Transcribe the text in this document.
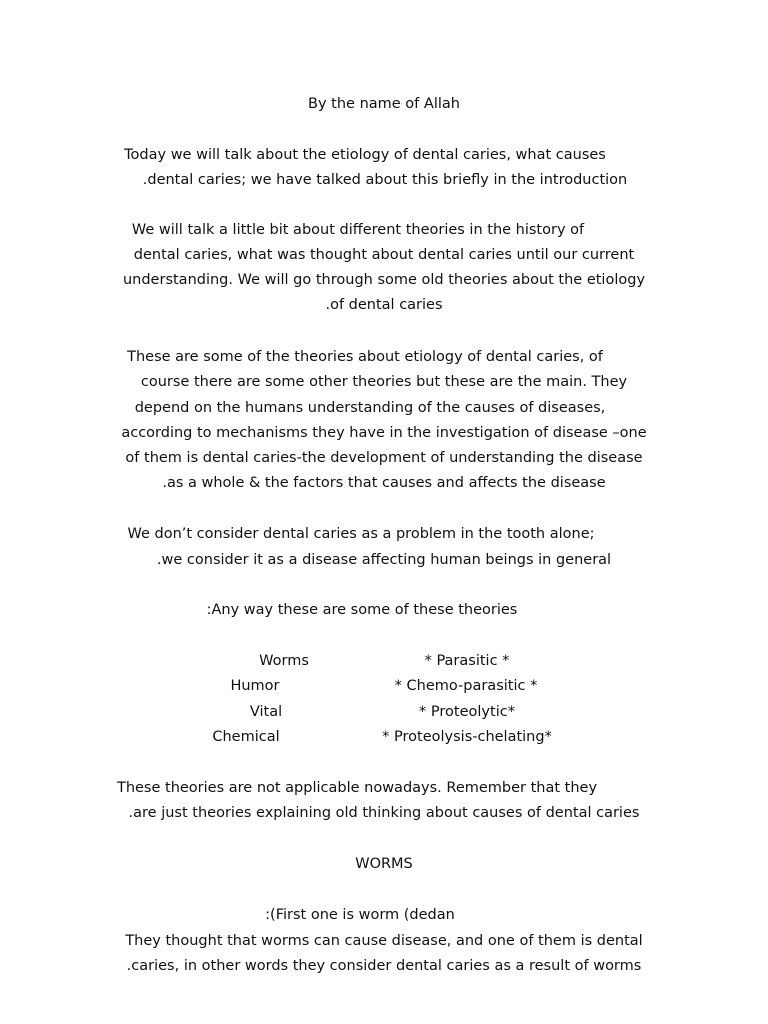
By the name of Allah
Today we will talk about the etiology of dental caries, what causes
.dental caries; we have talked about this briefly in the introduction
We will talk a little bit about different theories in the history of
dental caries, what was thought about dental caries until our current
understanding. We will go through some old theories about the etiology
.of dental caries
These are some of the theories about etiology of dental caries, of
course there are some other theories but these are the main. They
depend on the humans understanding of the causes of diseases,
according to mechanisms they have in the investigation of disease –one
of them is dental caries-the development of understanding the disease
.as a whole & the factors that causes and affects the disease
We don’t consider dental caries as a problem in the tooth alone;
.we consider it as a disease affecting human beings in general
:Any way these are some of these theories
Worms	* Parasitic *
Humor	* Chemo-parasitic *
Vital	* Proteolytic*
Chemical	* Proteolysis-chelating*
These theories are not applicable nowadays. Remember that they
.are just theories explaining old thinking about causes of dental caries
WORMS
:(First one is worm (dedan
They thought that worms can cause disease, and one of them is dental
.caries, in other words they consider dental caries as a result of worms
